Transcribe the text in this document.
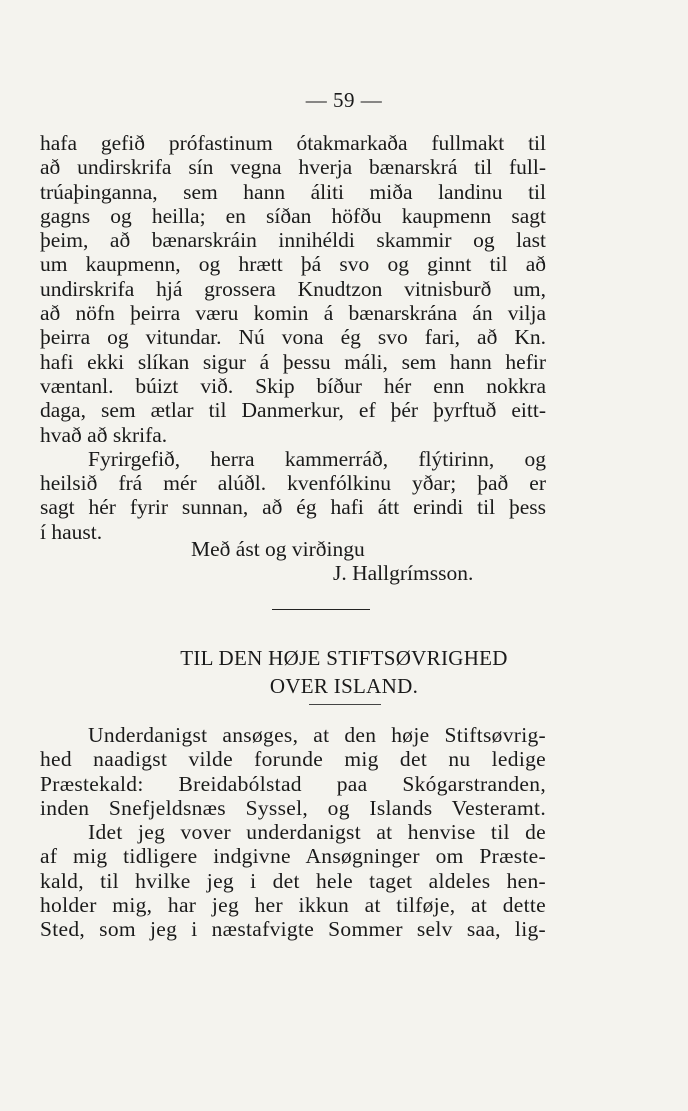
— 59 —
hafa gefið prófastinum ótakmarkaða fullmakt til
að undirskrifa sín vegna hverja bænarskrá til full-
trúaþinganna, sem hann áliti miða landinu til
gagns og heilla; en síðan höfðu kaupmenn sagt
þeim, að bænarskráin innihéldi skammir og last
um kaupmenn, og hrætt þá svo og ginnt til að
undirskrifa hjá grossera Knudtzon vitnisburð um,
að nöfn þeirra væru komin á bænarskrána án vilja
þeirra og vitundar. Nú vona ég svo fari, að Kn.
hafi ekki slíkan sigur á þessu máli, sem hann hefir
væntanl. búizt við. Skip bíður hér enn nokkra
daga, sem ætlar til Danmerkur, ef þér þyrftuð eitt-
hvað að skrifa.
Fyrirgefið, herra kammerráð, flýtirinn, og
heilsið frá mér alúðl. kvenfólkinu yðar; það er
sagt hér fyrir sunnan, að ég hafi átt erindi til þess
í haust.
Með ást og virðingu
J. Hallgrímsson.
TIL DEN HØJE STIFTSØVRIGHED
OVER ISLAND.
Underdanigst ansøges, at den høje Stiftsøvrig-
hed naadigst vilde forunde mig det nu ledige
Præstekald: Breidabólstad paa Skógarstranden,
inden Snefjeldsnæs Syssel, og Islands Vesteramt.
Idet jeg vover underdanigst at henvise til de
af mig tidligere indgivne Ansøgninger om Præste-
kald, til hvilke jeg i det hele taget aldeles hen-
holder mig, har jeg her ikkun at tilføje, at dette
Sted, som jeg i næstafvigte Sommer selv saa, lig-
